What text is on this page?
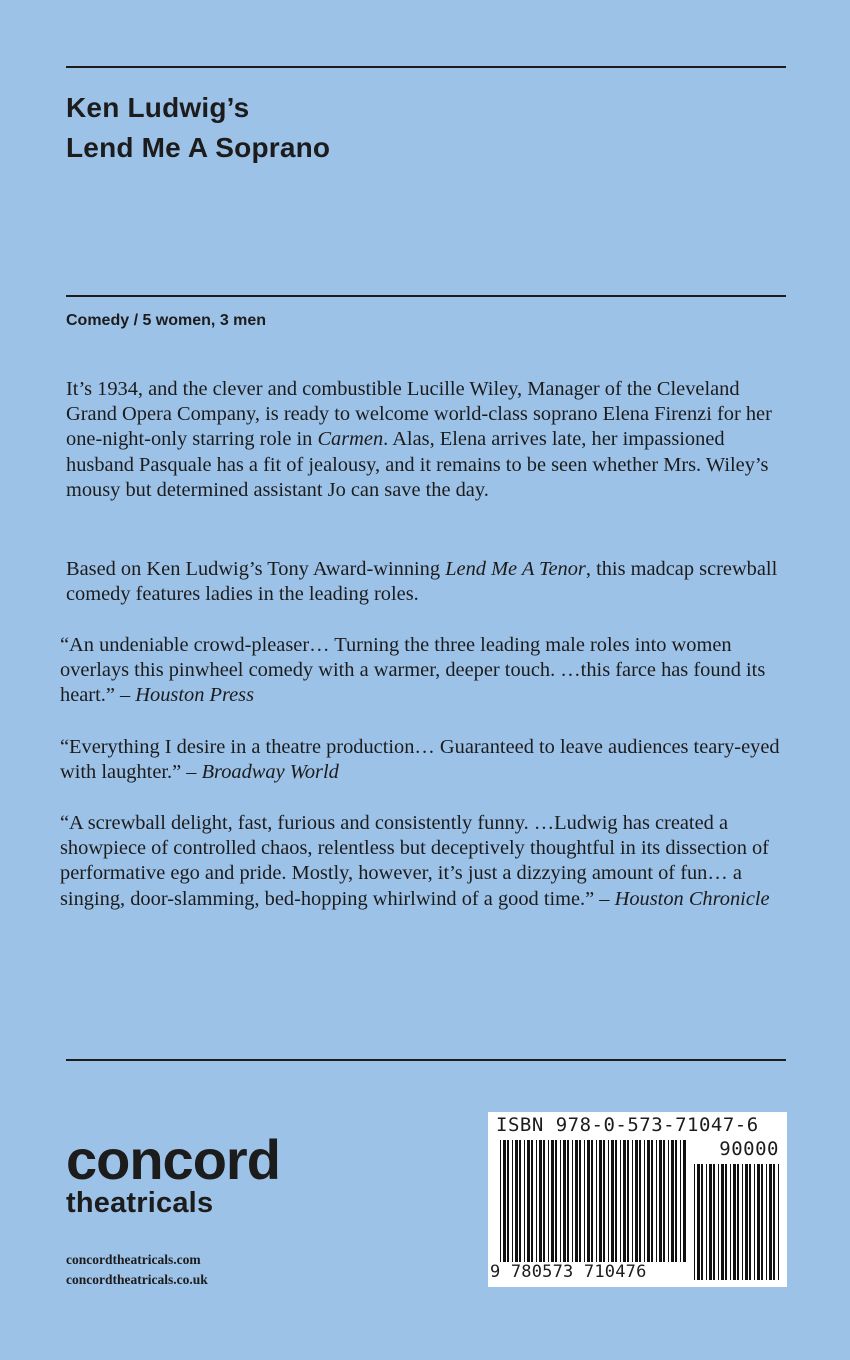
Ken Ludwig’s
Lend Me A Soprano
Comedy / 5 women, 3 men

It’s 1934, and the clever and combustible Lucille Wiley, Manager of the Cleveland Grand Opera Company, is ready to welcome world-class soprano Elena Firenzi for her one-night-only starring role in Carmen. Alas, Elena arrives late, her impassioned husband Pasquale has a fit of jealousy, and it remains to be seen whether Mrs. Wiley’s mousy but determined assistant Jo can save the day.

Based on Ken Ludwig’s Tony Award-winning Lend Me A Tenor, this madcap screwball comedy features ladies in the leading roles.

“An undeniable crowd-pleaser… Turning the three leading male roles into women overlays this pinwheel comedy with a warmer, deeper touch. …this farce has found its heart.” – Houston Press

“Everything I desire in a theatre production… Guaranteed to leave audiences teary-eyed with laughter.” – Broadway World

“A screwball delight, fast, furious and consistently funny. …Ludwig has created a showpiece of controlled chaos, relentless but deceptively thoughtful in its dissection of performative ego and pride. Mostly, however, it’s just a dizzying amount of fun… a singing, door-slamming, bed-hopping whirlwind of a good time.” – Houston Chronicle

concord
theatricals
concordtheatricals.com
concordtheatricals.co.uk
ISBN 978-0-573-71047-6
90000
9 780573 710476
